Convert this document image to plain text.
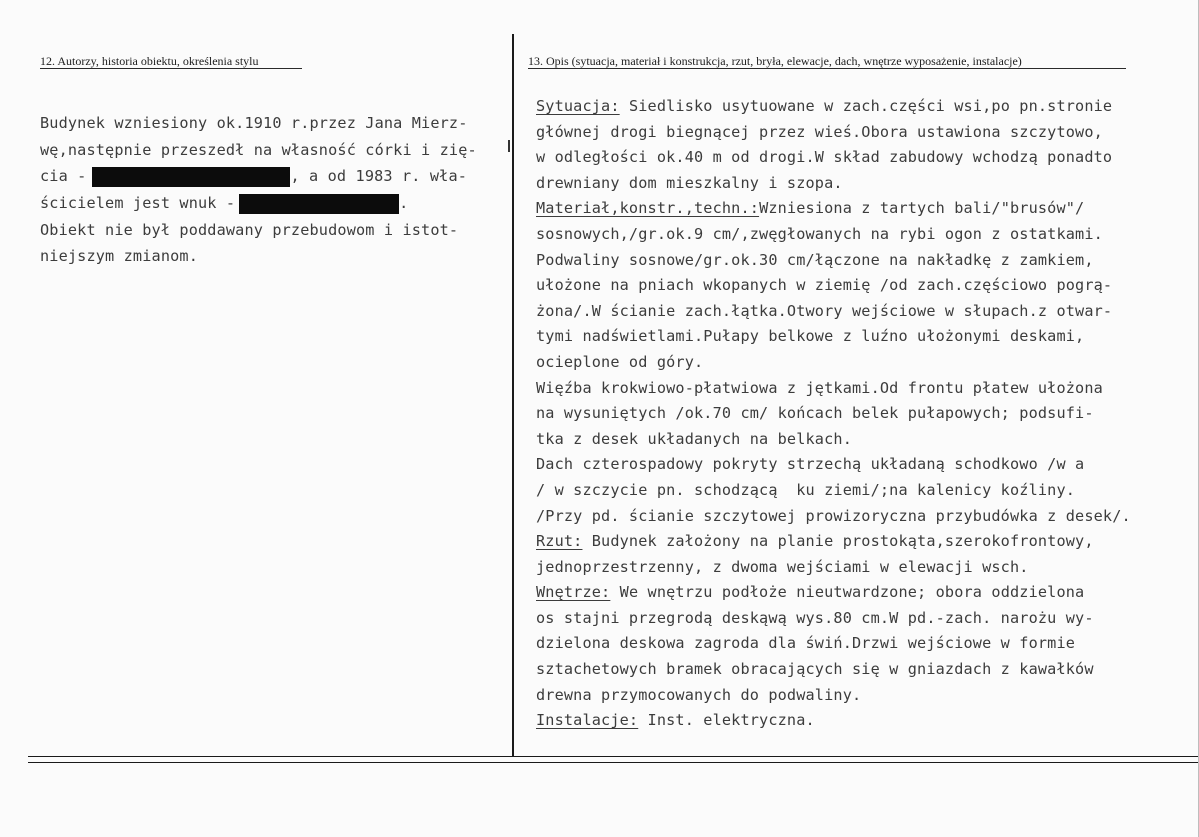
12. Autorzy, historia obiektu, określenia stylu	13. Opis (sytuacja, materiał i konstrukcja, rzut, bryła, elewacje, dach, wnętrze wyposażenie, instalacje)
Budynek wzniesiony ok.1910 r.przez Jana Mierz-
wę,następnie przeszedł na własność córki i zię-
cia -	, a od 1983 r. wła-
ścicielem jest wnuk -	.
Obiekt nie był poddawany przebudowom i istot-
niejszym zmianom.
Sytuacja: Siedlisko usytuowane w zach.części wsi,po pn.stronie
głównej drogi biegnącej przez wieś.Obora ustawiona szczytowo,
w odległości ok.40 m od drogi.W skład zabudowy wchodzą ponadto
drewniany dom mieszkalny i szopa.
Materiał,konstr.,techn.:Wzniesiona z tartych bali/"brusów"/
sosnowych,/gr.ok.9 cm/,zwęgłowanych na rybi ogon z ostatkami.
Podwaliny sosnowe/gr.ok.30 cm/łączone na nakładkę z zamkiem,
ułożone na pniach wkopanych w ziemię /od zach.częściowo pogrą-
żona/.W ścianie zach.łątka.Otwory wejściowe w słupach.z otwar-
tymi nadświetlami.Pułapy belkowe z luźno ułożonymi deskami,
ocieplone od góry.
Więźba krokwiowo-płatwiowa z jętkami.Od frontu płatew ułożona
na wysuniętych /ok.70 cm/ końcach belek pułapowych; podsufi-
tka z desek układanych na belkach.
Dach czterospadowy pokryty strzechą układaną schodkowo /w a
/ w szczycie pn. schodzącą  ku ziemi/;na kalenicy koźliny.
/Przy pd. ścianie szczytowej prowizoryczna przybudówka z desek/.
Rzut: Budynek założony na planie prostokąta,szerokofrontowy,
jednoprzestrzenny, z dwoma wejściami w elewacji wsch.
Wnętrze: We wnętrzu podłoże nieutwardzone; obora oddzielona
os stajni przegrodą deskąwą wys.80 cm.W pd.-zach. narożu wy-
dzielona deskowa zagroda dla świń.Drzwi wejściowe w formie
sztachetowych bramek obracających się w gniazdach z kawałków
drewna przymocowanych do podwaliny.
Instalacje: Inst. elektryczna.
